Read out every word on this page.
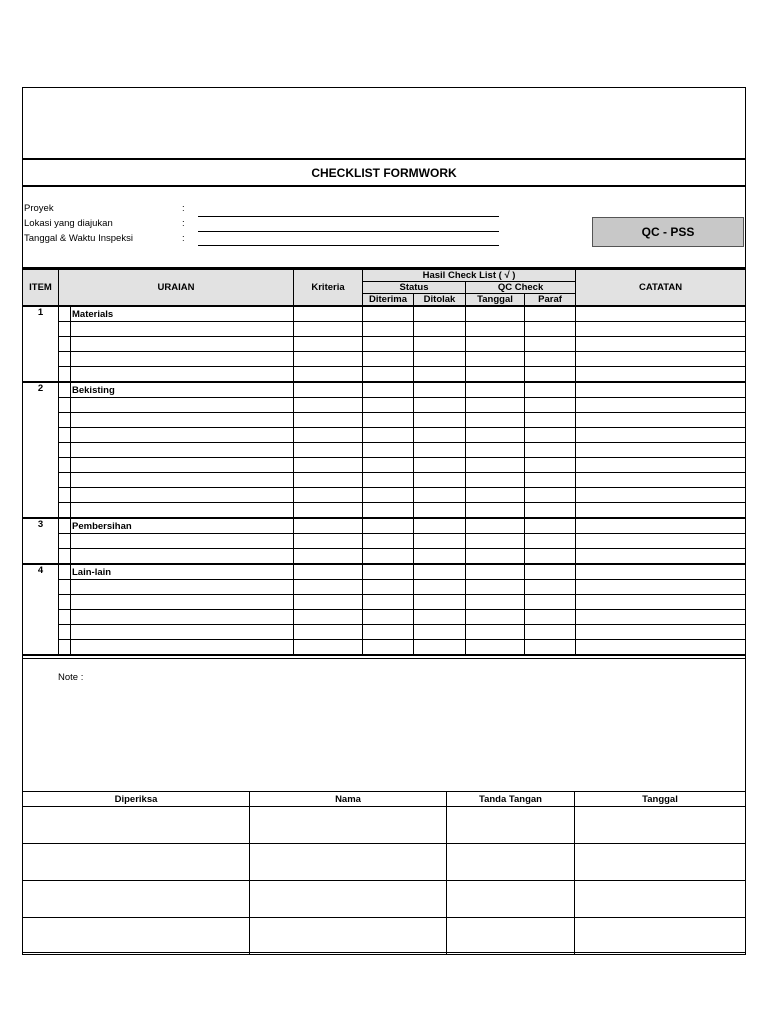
CHECKLIST FORMWORK
Proyek	:
Lokasi yang diajukan	:
Tanggal & Waktu Inspeksi	:	QC - PSS
ITEM	URAIAN		Kriteria	Hasil Check List ( √ )				CATATAN
				Status		QC Check		
				Diterima	Ditolak	Tanggal	Paraf	
1		Materials						

2		Bekisting						

3		Pembersihan						

4		Lain-lain						

Note :
Diperiksa	Nama	Tanda Tangan	Tanggal
